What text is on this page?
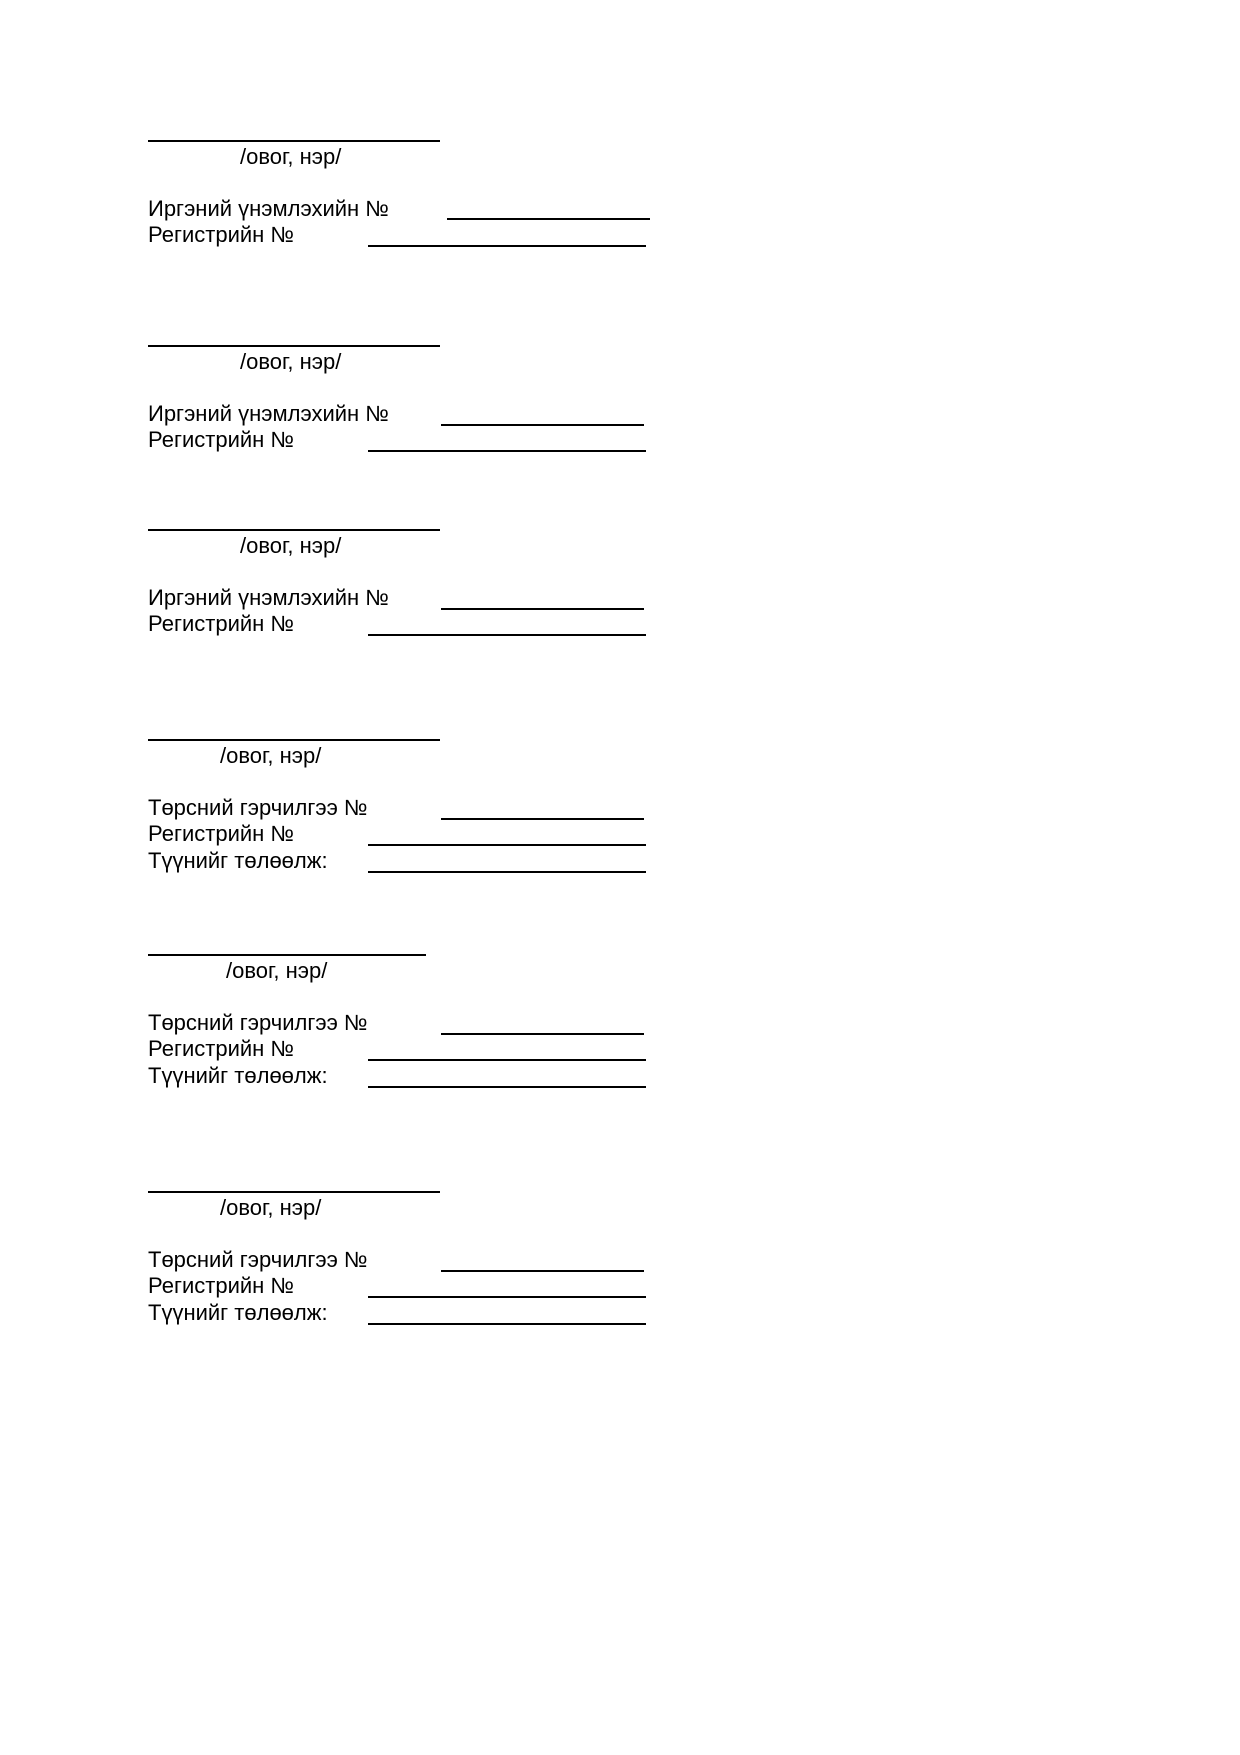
/овог, нэр/
Иргэний үнэмлэхийн №
Регистрийн №
/овог, нэр/
Иргэний үнэмлэхийн №
Регистрийн №
/овог, нэр/
Иргэний үнэмлэхийн №
Регистрийн №
/овог, нэр/
Төрсний гэрчилгээ №
Регистрийн №
Түүнийг төлөөлж:
/овог, нэр/
Төрсний гэрчилгээ №
Регистрийн №
Түүнийг төлөөлж:
/овог, нэр/
Төрсний гэрчилгээ №
Регистрийн №
Түүнийг төлөөлж:
